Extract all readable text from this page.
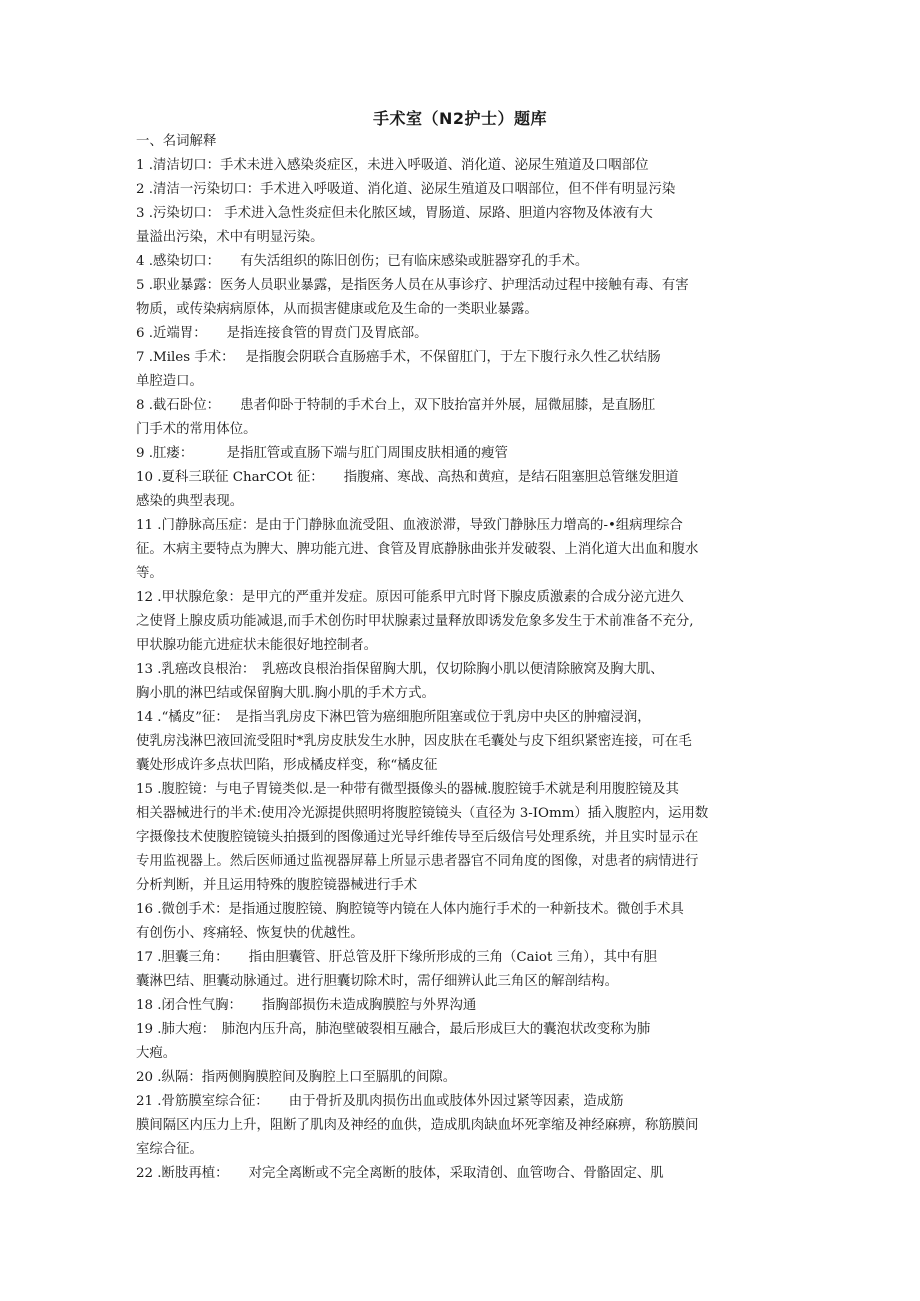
手术室（N2护士）题库
一、名词解释

1 .清洁切口：手术未进入感染炎症区，未进入呼吸道、消化道、泌尿生殖道及口咽部位

2 .清洁一污染切口：手术进入呼吸道、消化道、泌尿生殖道及口咽部位，但不伴有明显污染

3 .污染切口： 手术进入急性炎症但未化脓区域，胃肠道、尿路、胆道内容物及体液有大

量溢出污染，术中有明显污染。

4 .感染切口：　　有失活组织的陈旧创伤；已有临床感染或脏器穿孔的手术。

5 .职业暴露：医务人员职业暴露，是指医务人员在从事诊疗、护理活动过程中接触有毒、有害

物质，或传染病病原体，从而损害健康或危及生命的一类职业暴露。

6 .近端胃：　　是指连接食管的胃贲门及胃底部。

7 .Miles 手术：　 是指腹会阴联合直肠癌手术，不保留肛门，于左下腹行永久性乙状结肠

单腔造口。

8 .截石卧位：　　患者仰卧于特制的手术台上，双下肢抬富并外展，屈微屈膝，是直肠肛

门手术的常用体位。

9 .肛瘘：　　　是指肛管或直肠下端与肛门周围皮肤相通的瘦管

10 .夏科三联征 CharCOt 征：　　指腹痛、寒战、高热和黄疸，是结石阻塞胆总管继发胆道

感染的典型表现。

11 .门静脉高压症：是由于门静脉血流受阻、血液淤滞，导致门静脉压力增高的-•组病理综合

征。木病主要特点为脾大、脾功能亢进、食管及胃底静脉曲张并发破裂、上消化道大出血和腹水

等。

12 .甲状腺危象：是甲亢的严重并发症。原因可能系甲亢时肾下腺皮质激素的合成分泌亢进久

之使肾上腺皮质功能减退,而手术创伤时甲状腺素过量释放即诱发危象多发生于术前准备不充分,

甲状腺功能亢进症状未能很好地控制者。

13 .乳癌改良根治：　乳癌改良根治指保留胸大肌，仅切除胸小肌以便清除腋窝及胸大肌、

胸小肌的淋巴结或保留胸大肌.胸小肌的手术方式。

14 .“橘皮”征：　是指当乳房皮下淋巴管为癌细胞所阻塞或位于乳房中央区的肿瘤浸润，

使乳房浅淋巴液回流受阻时*乳房皮肤发生水肿，因皮肤在毛囊处与皮下组织紧密连接，可在毛

囊处形成许多点状凹陷，形成橘皮样变，称“橘皮征

15 .腹腔镜：与电子胃镜类似.是一种带有微型摄像头的器械.腹腔镜手术就是利用腹腔镜及其

相关器械进行的半术:使用冷光源提供照明将腹腔镜镜头（直径为 3-IOmm）插入腹腔内，运用数

字摄像技术使腹腔镜镜头拍摄到的图像通过光导纤维传导至后级信号处理系统，并且实时显示在

专用监视器上。然后医师通过监视器屏幕上所显示患者器官不同角度的图像，对患者的病情进行

分析判断，并且运用特殊的腹腔镜器械进行手术

16 .微创手术：是指通过腹腔镜、胸腔镜等内镜在人体内施行手术的一种新技术。微创手术具

有创伤小、疼痛轻、恢复快的优越性。

17 .胆囊三角：　　指由胆囊管、肝总管及肝下缘所形成的三角（Caiot 三角），其中有胆

囊淋巴结、胆囊动脉通过。进行胆囊切除术时，需仔细辨认此三角区的解剖结构。

18 .闭合性气胸：　　指胸部损伤未造成胸膜腔与外界沟通

19 .肺大疱：　肺泡内压升高，肺泡壁破裂相互融合，最后形成巨大的囊泡状改变称为肺

大疱。

20 .纵隔：指两侧胸膜腔间及胸腔上口至膈肌的间隙。

21 .骨筋膜室综合征：　　由于骨折及肌肉损伤出血或肢体外因过紧等因素，造成筋

膜间隔区内压力上升，阻断了肌肉及神经的血供，造成肌肉缺血坏死挛缩及神经麻痹，称筋膜间

室综合征。

22 .断肢再植：　　对完全离断或不完全离断的肢体，采取清创、血管吻合、骨骼固定、肌
